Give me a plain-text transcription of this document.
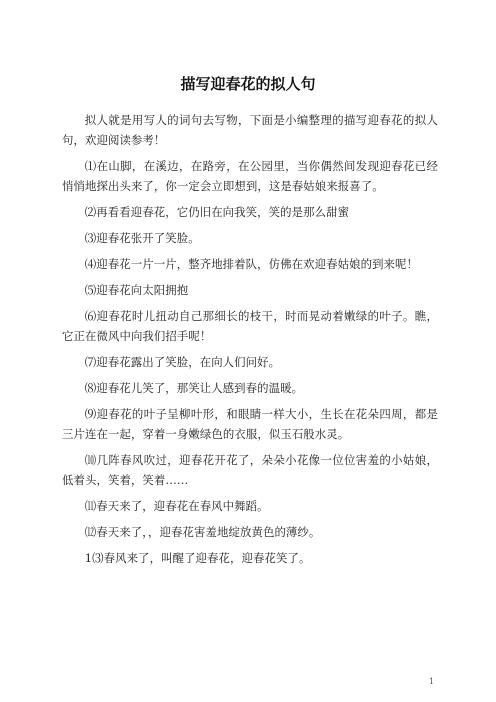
描写迎春花的拟人句

拟人就是用写人的词句去写物，下面是小编整理的描写迎春花的拟人句，欢迎阅读参考！

⑴在山脚，在溪边，在路旁，在公园里，当你偶然间发现迎春花已经悄悄地探出头来了，你一定会立即想到，这是春姑娘来报喜了。

⑵再看看迎春花，它仍旧在向我笑，笑的是那么甜蜜

⑶迎春花张开了笑脸。

⑷迎春花一片一片，整齐地排着队，仿佛在欢迎春姑娘的到来呢！

⑸迎春花向太阳拥抱

⑹迎春花时儿扭动自己那细长的枝干，时而晃动着嫩绿的叶子。瞧，它正在微风中向我们招手呢！

⑺迎春花露出了笑脸，在向人们问好。

⑻迎春花儿笑了，那笑让人感到春的温暖。

⑼迎春花的叶子呈柳叶形，和眼睛一样大小，生长在花朵四周，都是三片连在一起，穿着一身嫩绿色的衣服，似玉石般水灵。

⑽几阵春风吹过，迎春花开花了，朵朵小花像一位位害羞的小姑娘，低着头，笑着，笑着……

⑾春天来了，迎春花在春风中舞蹈。

⑿春天来了，，迎春花害羞地绽放黄色的薄纱。

1⑶春风来了，叫醒了迎春花，迎春花笑了。

1
